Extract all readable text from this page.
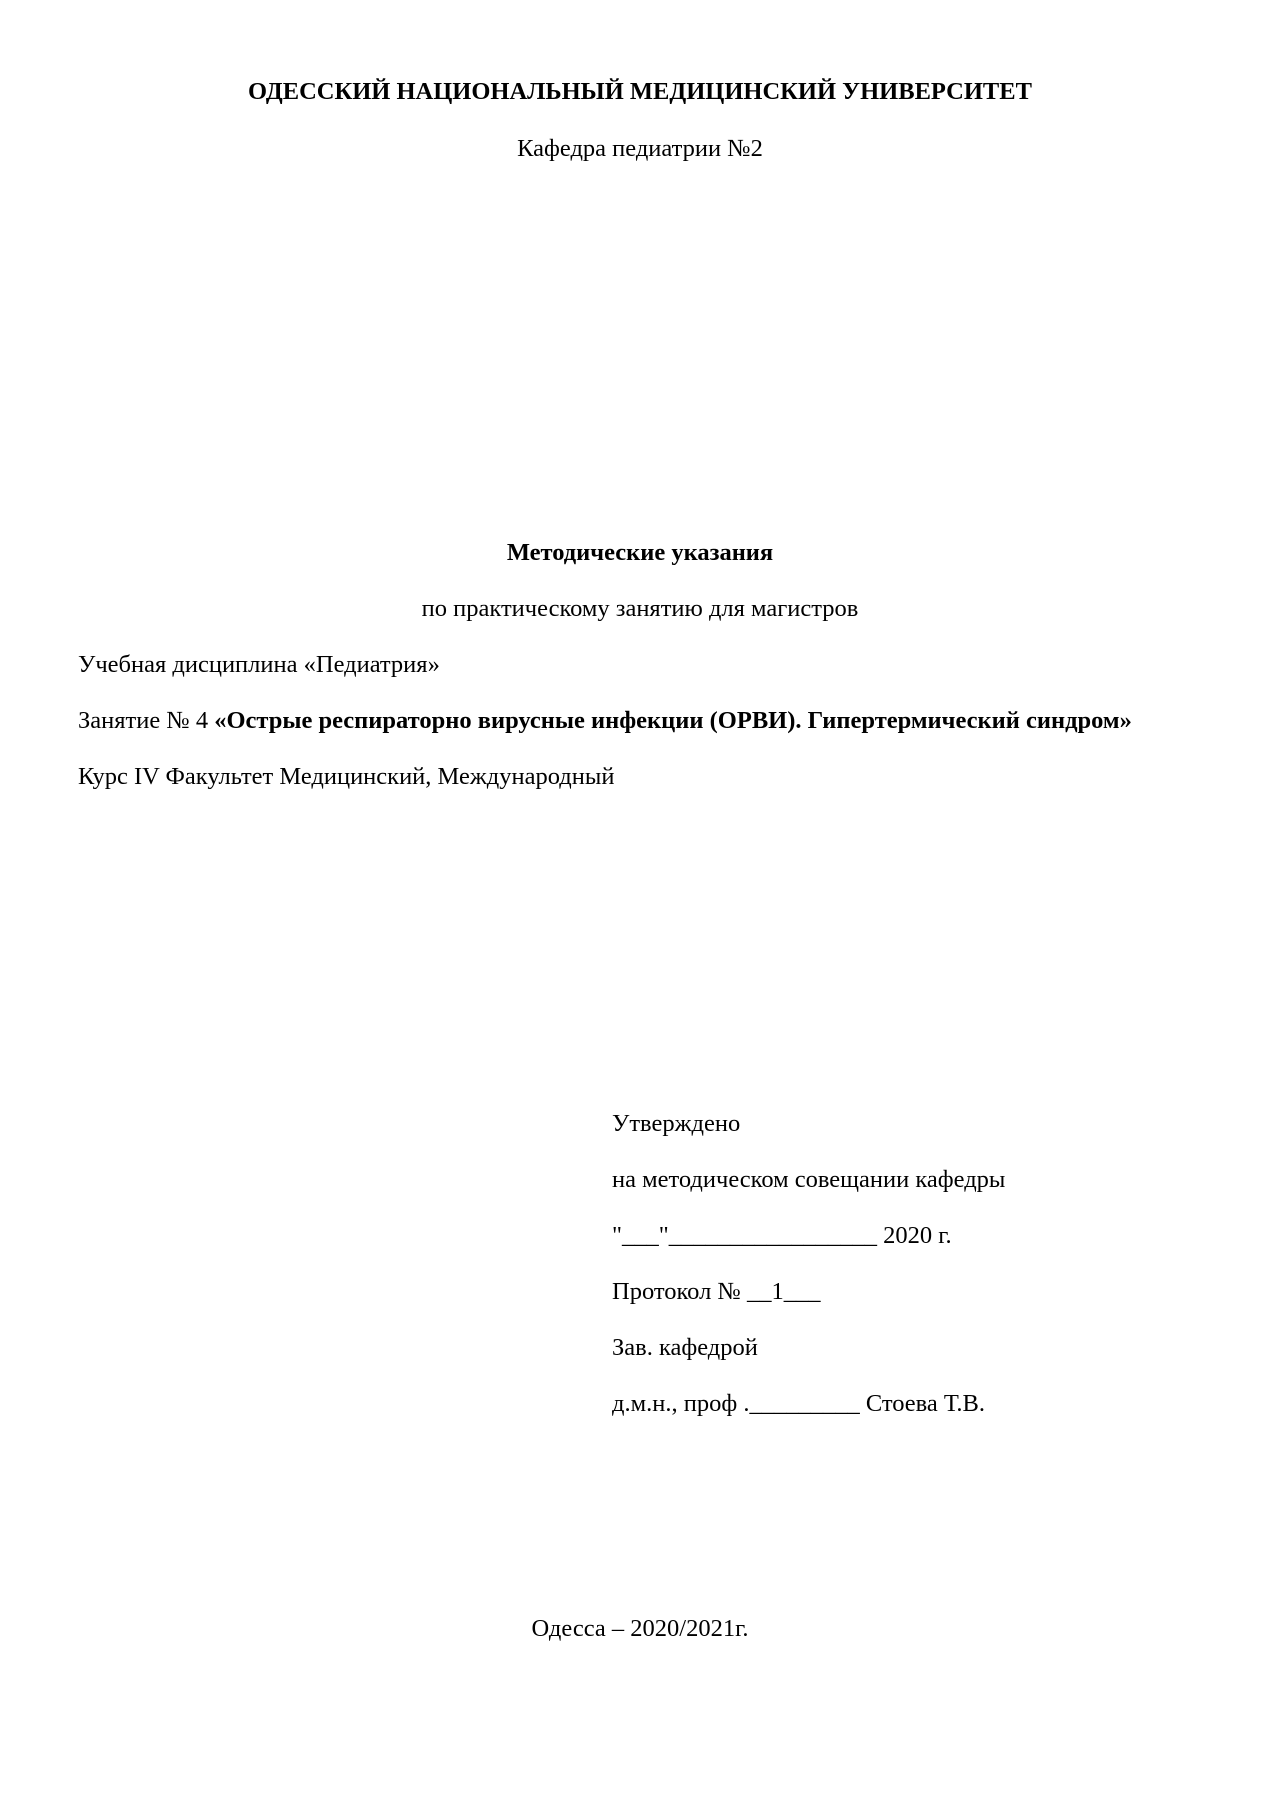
ОДЕССКИЙ НАЦИОНАЛЬНЫЙ МЕДИЦИНСКИЙ УНИВЕРСИТЕТ
Кафедра педиатрии №2
Методические указания
по практическому занятию для магистров
Учебная дисциплина «Педиатрия»
Занятие № 4 «Острые респираторно вирусные инфекции (ОРВИ). Гипертермический синдром»
Курс IV Факультет Медицинский, Международный
Утверждено
на методическом совещании кафедры
"___"_________________ 2020 г.
Протокол № __1___
Зав. кафедрой
д.м.н., проф ._________ Стоева Т.В.
Одесса – 2020/2021г.
